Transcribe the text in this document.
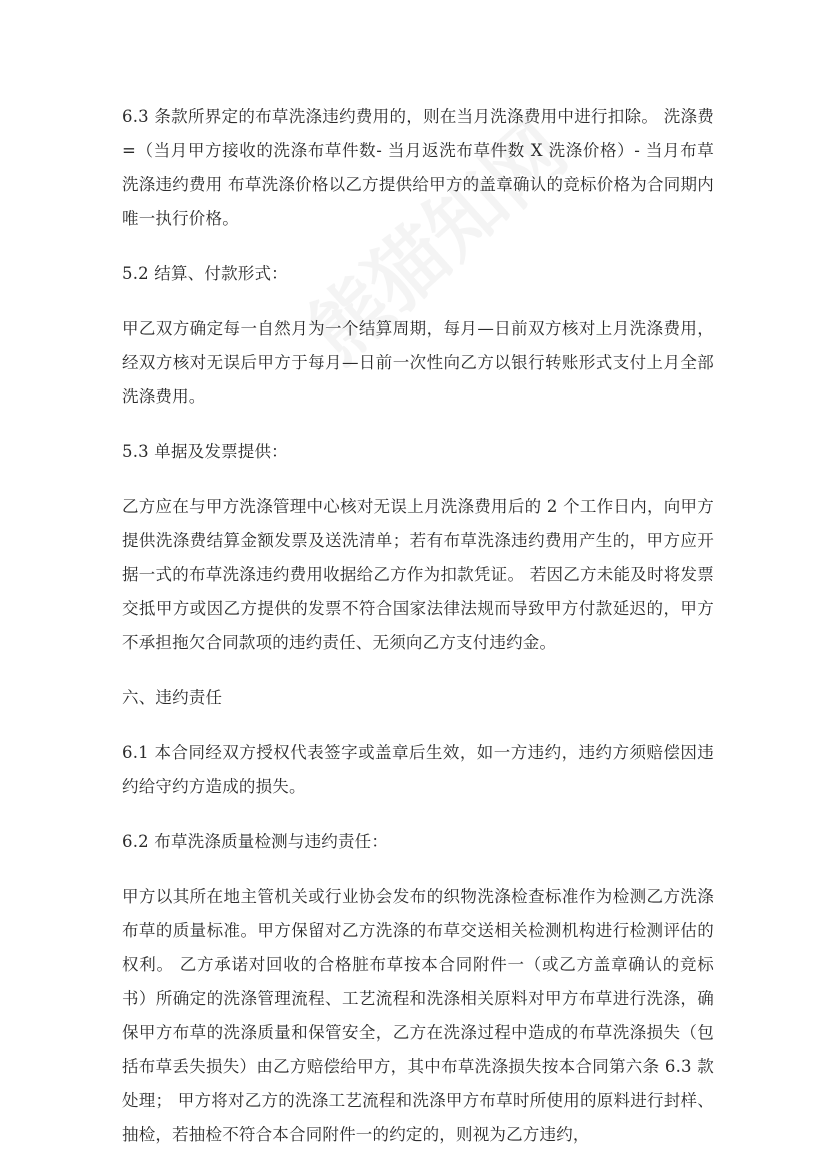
6.3 条款所界定的布草洗涤违约费用的，则在当月洗涤费用中进行扣除。 洗涤费 =（当月甲方接收的洗涤布草件数- 当月返洗布草件数 X 洗涤价格）- 当月布草洗涤违约费用 布草洗涤价格以乙方提供给甲方的盖章确认的竞标价格为合同期内唯一执行价格。

5.2 结算、付款形式：

甲乙双方确定每一自然月为一个结算周期，每月—日前双方核对上月洗涤费用，经双方核对无误后甲方于每月—日前一次性向乙方以银行转账形式支付上月全部洗涤费用。

5.3 单据及发票提供：

乙方应在与甲方洗涤管理中心核对无误上月洗涤费用后的 2 个工作日内，向甲方提供洗涤费结算金额发票及送洗清单；若有布草洗涤违约费用产生的，甲方应开据一式的布草洗涤违约费用收据给乙方作为扣款凭证。 若因乙方未能及时将发票交抵甲方或因乙方提供的发票不符合国家法律法规而导致甲方付款延迟的，甲方不承担拖欠合同款项的违约责任、无须向乙方支付违约金。

六、违约责任

6.1 本合同经双方授权代表签字或盖章后生效，如一方违约，违约方须赔偿因违约给守约方造成的损失。

6.2 布草洗涤质量检测与违约责任：

甲方以其所在地主管机关或行业协会发布的织物洗涤检查标准作为检测乙方洗涤布草的质量标准。甲方保留对乙方洗涤的布草交送相关检测机构进行检测评估的权利。 乙方承诺对回收的合格脏布草按本合同附件一（或乙方盖章确认的竞标书）所确定的洗涤管理流程、工艺流程和洗涤相关原料对甲方布草进行洗涤，确保甲方布草的洗涤质量和保管安全，乙方在洗涤过程中造成的布草洗涤损失（包括布草丢失损失）由乙方赔偿给甲方，其中布草洗涤损失按本合同第六条 6.3 款处理； 甲方将对乙方的洗涤工艺流程和洗涤甲方布草时所使用的原料进行封样、抽检，若抽检不符合本合同附件一的约定的，则视为乙方违约，
